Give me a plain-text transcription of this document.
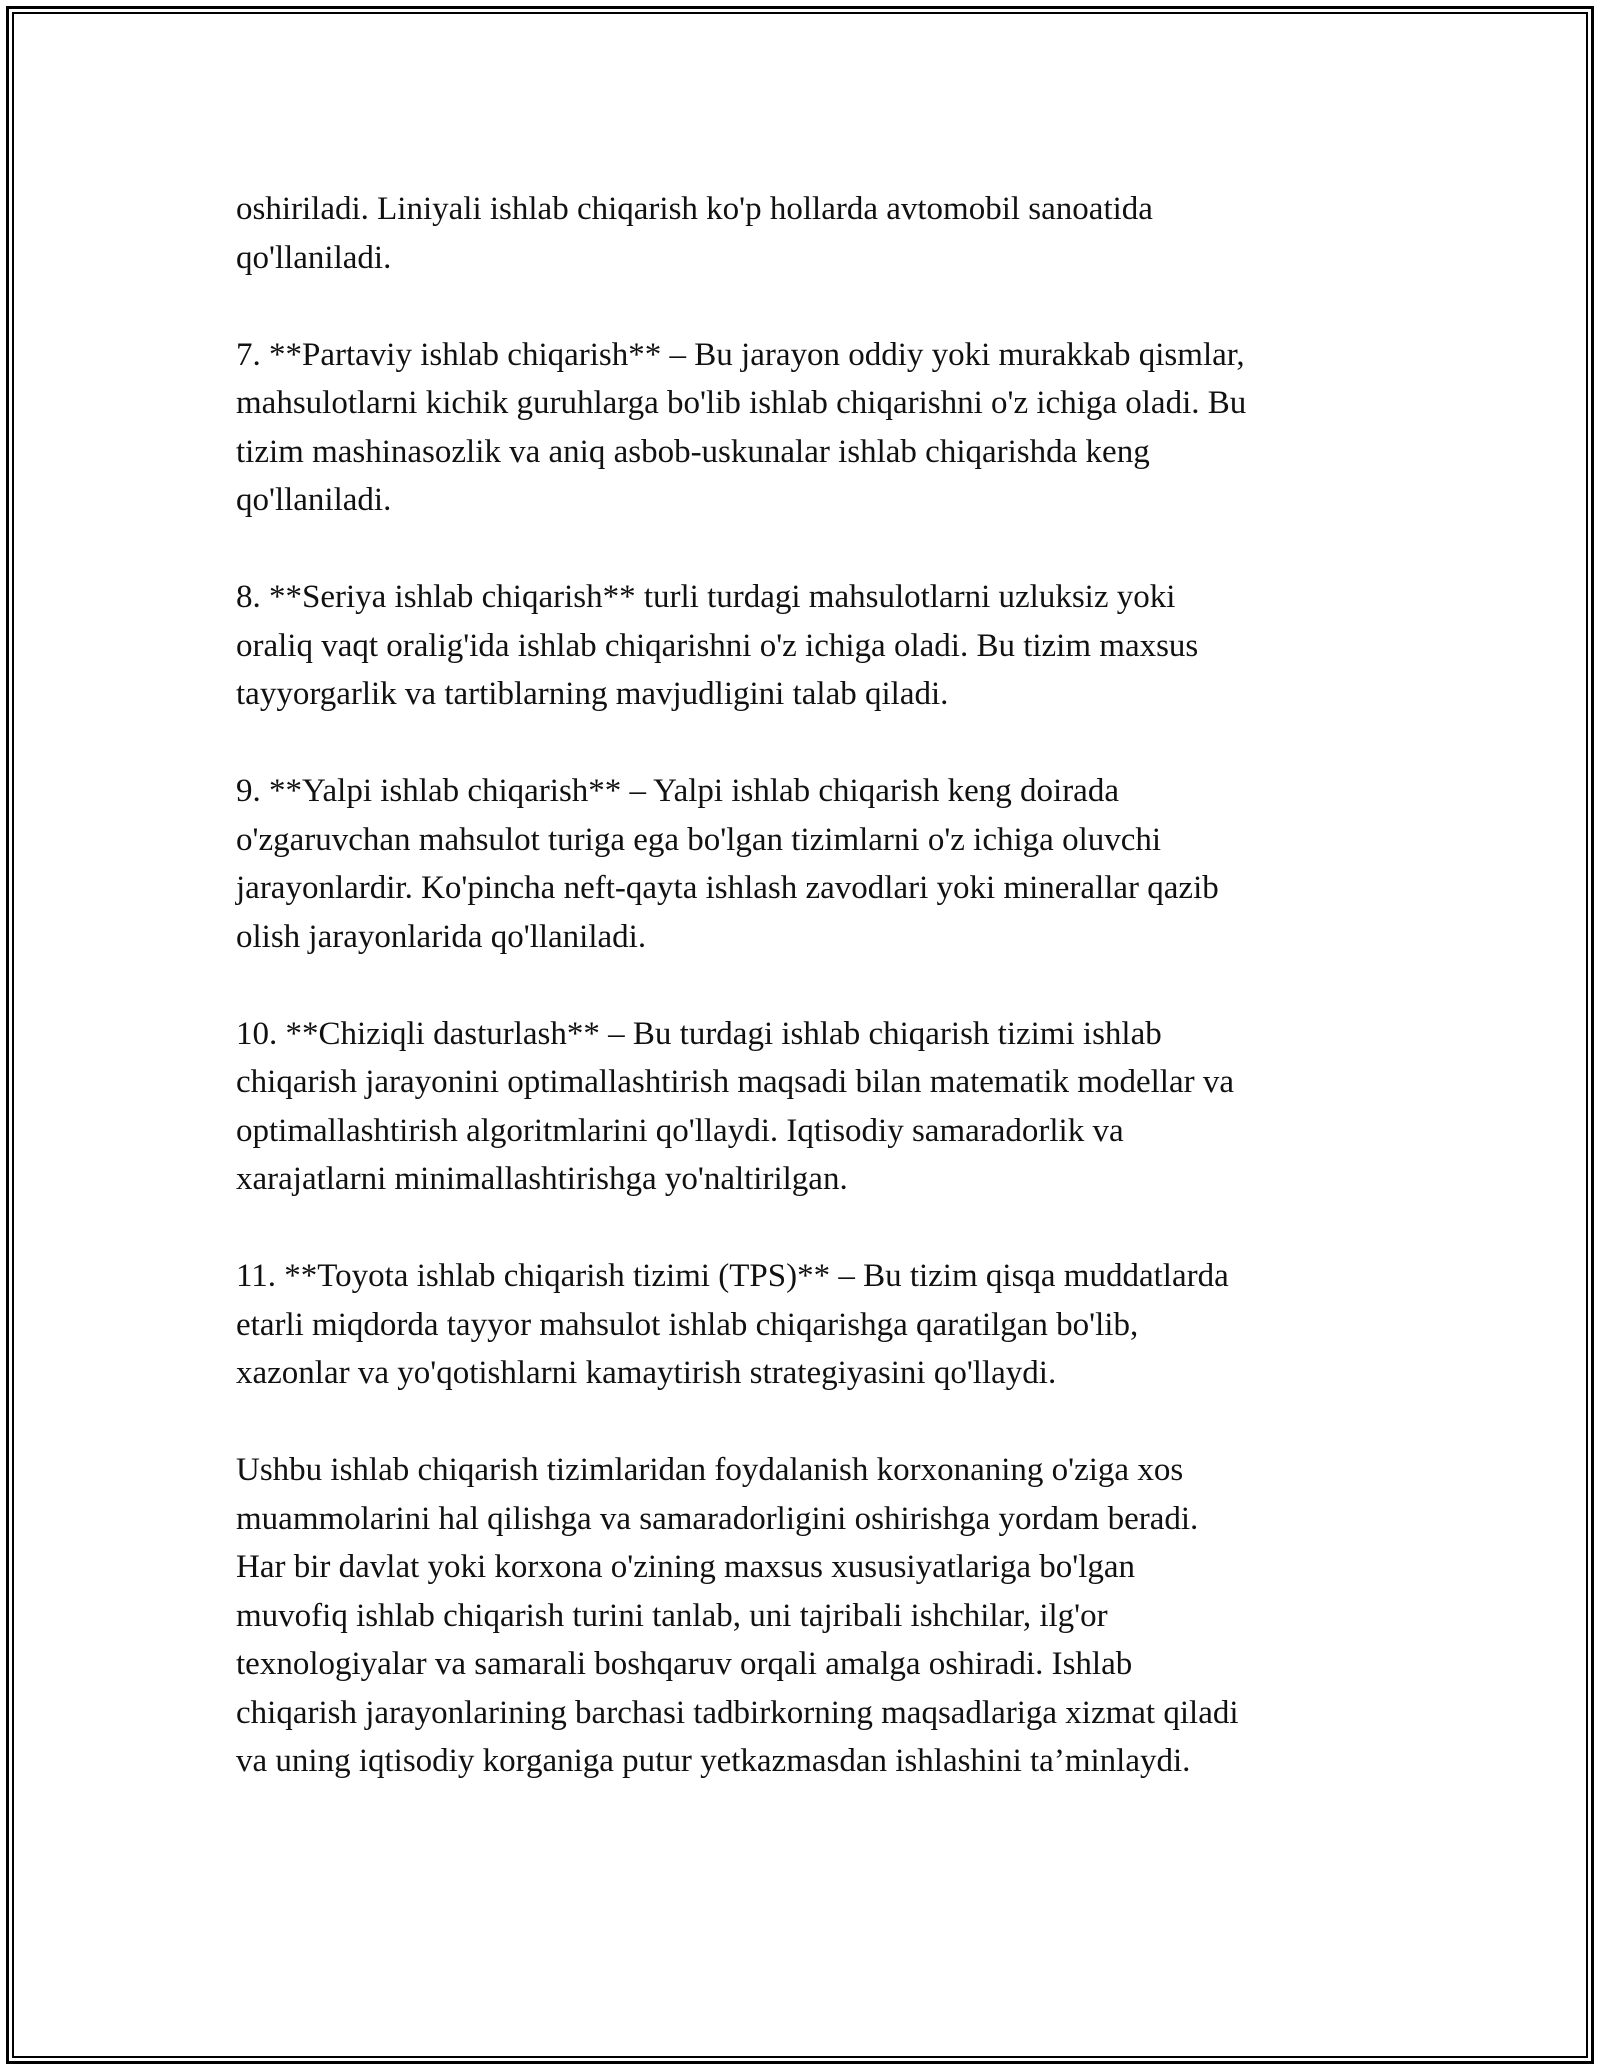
oshiriladi. Liniyali ishlab chiqarish ko'p hollarda avtomobil sanoatida
qo'llaniladi.

7. **Partaviy ishlab chiqarish** – Bu jarayon oddiy yoki murakkab qismlar,
mahsulotlarni kichik guruhlarga bo'lib ishlab chiqarishni o'z ichiga oladi. Bu
tizim mashinasozlik va aniq asbob-uskunalar ishlab chiqarishda keng
qo'llaniladi.

8. **Seriya ishlab chiqarish** turli turdagi mahsulotlarni uzluksiz yoki
oraliq vaqt oralig'ida ishlab chiqarishni o'z ichiga oladi. Bu tizim maxsus
tayyorgarlik va tartiblarning mavjudligini talab qiladi.

9. **Yalpi ishlab chiqarish** – Yalpi ishlab chiqarish keng doirada
o'zgaruvchan mahsulot turiga ega bo'lgan tizimlarni o'z ichiga oluvchi
jarayonlardir. Ko'pincha neft-qayta ishlash zavodlari yoki minerallar qazib
olish jarayonlarida qo'llaniladi.

10. **Chiziqli dasturlash** – Bu turdagi ishlab chiqarish tizimi ishlab
chiqarish jarayonini optimallashtirish maqsadi bilan matematik modellar va
optimallashtirish algoritmlarini qo'llaydi. Iqtisodiy samaradorlik va
xarajatlarni minimallashtirishga yo'naltirilgan.

11. **Toyota ishlab chiqarish tizimi (TPS)** – Bu tizim qisqa muddatlarda
etarli miqdorda tayyor mahsulot ishlab chiqarishga qaratilgan bo'lib,
xazonlar va yo'qotishlarni kamaytirish strategiyasini qo'llaydi.

Ushbu ishlab chiqarish tizimlaridan foydalanish korxonaning o'ziga xos
muammolarini hal qilishga va samaradorligini oshirishga yordam beradi.
Har bir davlat yoki korxona o'zining maxsus xususiyatlariga bo'lgan
muvofiq ishlab chiqarish turini tanlab, uni tajribali ishchilar, ilg'or
texnologiyalar va samarali boshqaruv orqali amalga oshiradi. Ishlab
chiqarish jarayonlarining barchasi tadbirkorning maqsadlariga xizmat qiladi
va uning iqtisodiy korganiga putur yetkazmasdan ishlashini ta’minlaydi.
